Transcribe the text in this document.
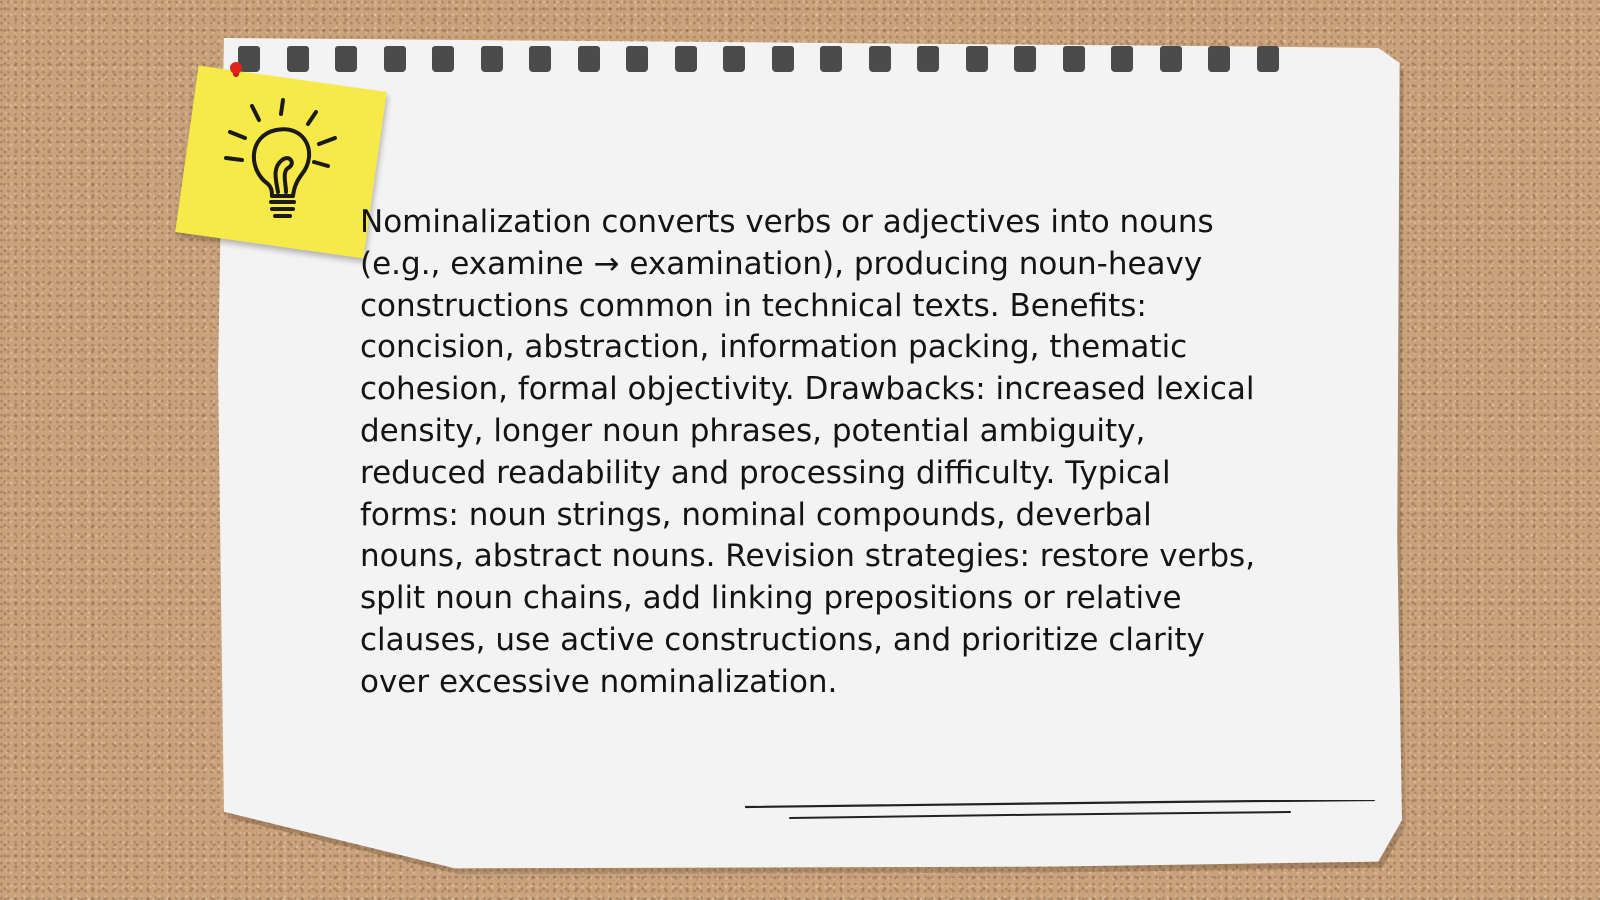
Nominalization converts verbs or adjectives into nouns (e.g., examine → examination), producing noun-heavy constructions common in technical texts. Benefits: concision, abstraction, information packing, thematic cohesion, formal objectivity. Drawbacks: increased lexical density, longer noun phrases, potential ambiguity, reduced readability and processing difficulty. Typical forms: noun strings, nominal compounds, deverbal nouns, abstract nouns. Revision strategies: restore verbs, split noun chains, add linking prepositions or relative clauses, use active constructions, and prioritize clarity over excessive nominalization.
